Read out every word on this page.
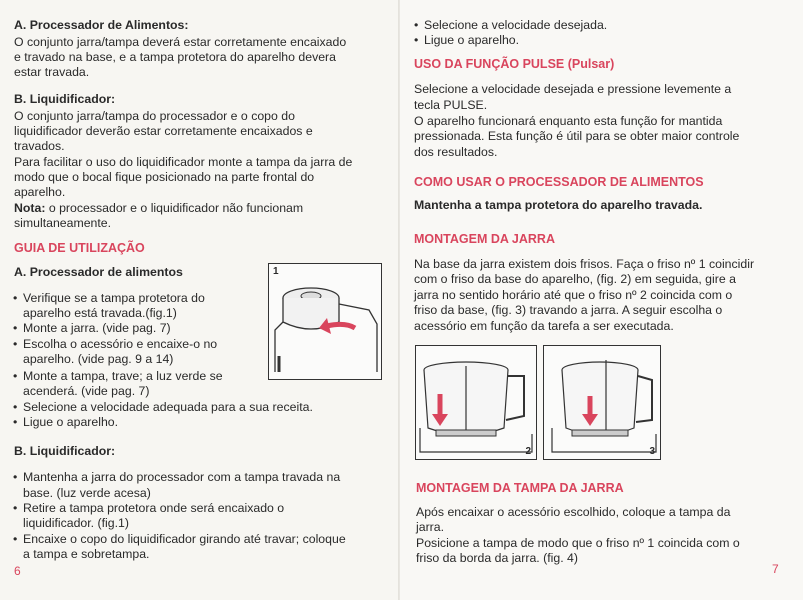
A. Processador de Alimentos:
O conjunto jarra/tampa deverá estar corretamente encaixado
e travado na base, e a tampa protetora do aparelho devera
estar travada.
B. Liquidificador:
O conjunto jarra/tampa do processador e o copo do
liquidificador deverão estar corretamente encaixados e
travados.
Para facilitar o uso do liquidificador monte a tampa da jarra de
modo que o bocal fique posicionado na parte frontal do
aparelho.
Nota: o processador e o liquidificador não funcionam
simultaneamente.
GUIA DE UTILIZAÇÃO
A. Processador de alimentos
• Verifique se a tampa protetora do
aparelho está travada.(fig.1)
• Monte a jarra. (vide pag. 7)
• Escolha o acessório e encaixe-o no
aparelho. (vide pag. 9 a 14)
• Monte a tampa, trave; a luz verde se
acenderá. (vide pag. 7)
• Selecione a velocidade adequada para a sua receita.
• Ligue o aparelho.
B. Liquidificador:
• Mantenha a jarra do processador com a tampa travada na
base. (luz verde acesa)
• Retire a tampa protetora onde será encaixado o
liquidificador. (fig.1)
• Encaixe o copo do liquidificador girando até travar; coloque
a tampa e sobretampa.
6
1
• Selecione a velocidade desejada.
• Ligue o aparelho.
USO DA FUNÇÃO PULSE (Pulsar)
Selecione a velocidade desejada e pressione levemente a
tecla PULSE.
O aparelho funcionará enquanto esta função for mantida
pressionada. Esta função é útil para se obter maior controle
dos resultados.
COMO USAR O PROCESSADOR DE ALIMENTOS
Mantenha a tampa protetora do aparelho travada.
MONTAGEM DA JARRA
Na base da jarra existem dois frisos. Faça o friso nº 1 coincidir
com o friso da base do aparelho, (fig. 2) em seguida, gire a
jarra no sentido horário até que o friso nº 2 coincida com o
friso da base, (fig. 3) travando a jarra. A seguir escolha o
acessório em função da tarefa a ser executada.
2	3
MONTAGEM DA TAMPA DA JARRA
Após encaixar o acessório escolhido, coloque a tampa da
jarra.
Posicione a tampa de modo que o friso nº 1 coincida com o
friso da borda da jarra. (fig. 4)
7
